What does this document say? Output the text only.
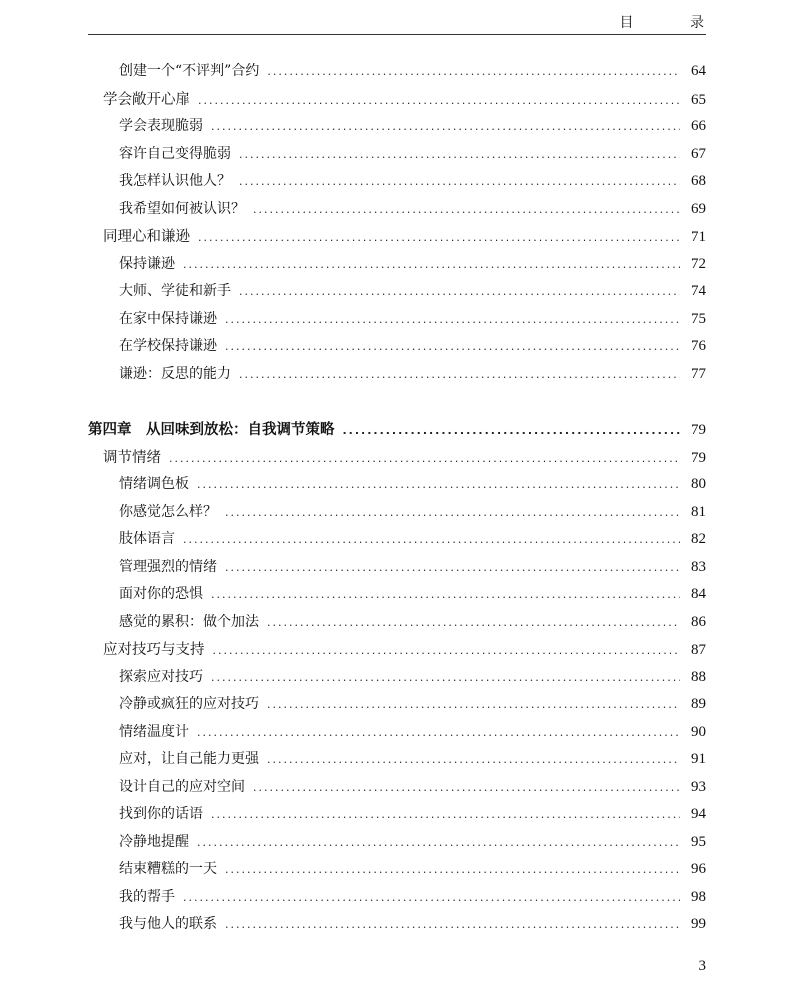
目 录
创建一个“不评判”合约 .....	64
学会敞开心扉 .....	65
学会表现脆弱 .....	66
容许自己变得脆弱 .....	67
我怎样认识他人？ .....	68
我希望如何被认识？ .....	69
同理心和谦逊 .....	71
保持谦逊 .....	72
大师、学徒和新手 .....	74
在家中保持谦逊 .....	75
在学校保持谦逊 .....	76
谦逊：反思的能力 .....	77
第四章　从回味到放松：自我调节策略 .....	79
调节情绪 .....	79
情绪调色板 .....	80
你感觉怎么样？ .....	81
肢体语言 .....	82
管理强烈的情绪 .....	83
面对你的恐惧 .....	84
感觉的累积：做个加法 .....	86
应对技巧与支持 .....	87
探索应对技巧 .....	88
冷静或疯狂的应对技巧 .....	89
情绪温度计 .....	90
应对，让自己能力更强 .....	91
设计自己的应对空间 .....	93
找到你的话语 .....	94
冷静地提醒 .....	95
结束糟糕的一天 .....	96
我的帮手 .....	98
我与他人的联系 .....	99
3
